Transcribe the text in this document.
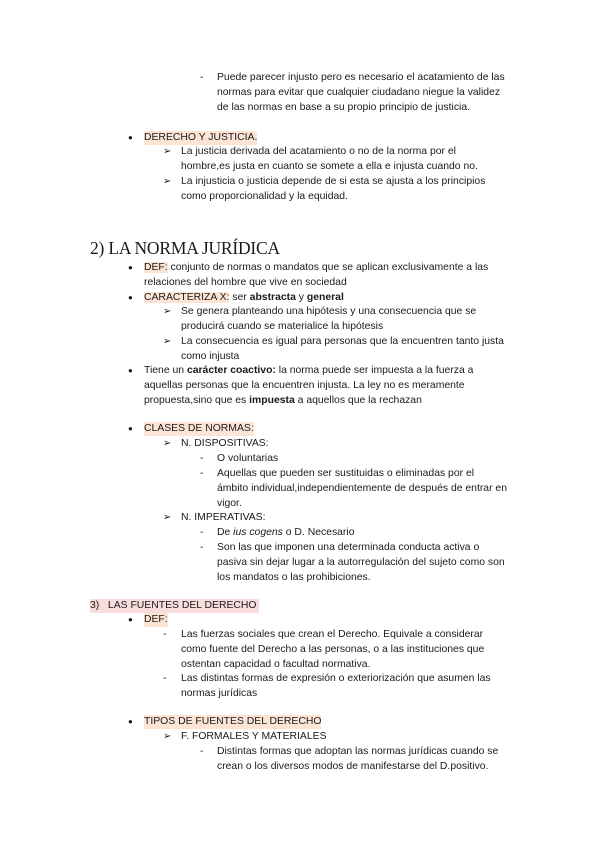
- Puede parecer injusto pero es necesario el acatamiento de las
normas para evitar que cualquier ciudadano niegue la validez
de las normas en base a su propio principio de justicia.
● DERECHO Y JUSTICIA.
➢ La justicia derivada del acatamiento o no de la norma por el
hombre,es justa en cuanto se somete a ella e injusta cuando no.
➢ La injusticia o justicia depende de si esta se ajusta a los principios
como proporcionalidad y la equidad.
2) LA NORMA JURÍDICA
● DEF: conjunto de normas o mandatos que se aplican exclusivamente a las
relaciones del hombre que vive en sociedad
● CARACTERIZA X: ser abstracta y general
➢ Se genera planteando una hipótesis y una consecuencia que se
producirá cuando se materialice la hipótesis
➢ La consecuencia es igual para personas que la encuentren tanto justa
como injusta
● Tiene un carácter coactivo: la norma puede ser impuesta a la fuerza a
aquellas personas que la encuentren injusta. La ley no es meramente
propuesta,sino que es impuesta a aquellos que la rechazan
● CLASES DE NORMAS:
➢ N. DISPOSITIVAS:
- O voluntarias
- Aquellas que pueden ser sustituidas o eliminadas por el
ámbito individual,independientemente de después de entrar en
vigor.
➢ N. IMPERATIVAS:
- De ius cogens o D. Necesario
- Son las que imponen una determinada conducta activa o
pasiva sin dejar lugar a la autorregulación del sujeto como son
los mandatos o las prohibiciones.
3) LAS FUENTES DEL DERECHO
● DEF:
- Las fuerzas sociales que crean el Derecho. Equivale a considerar
como fuente del Derecho a las personas, o a las instituciones que
ostentan capacidad o facultad normativa.
- Las distintas formas de expresión o exteriorización que asumen las
normas jurídicas
● TIPOS DE FUENTES DEL DERECHO
➢ F. FORMALES Y MATERIALES
- Distintas formas que adoptan las normas jurídicas cuando se
crean o los diversos modos de manifestarse del D.positivo.
